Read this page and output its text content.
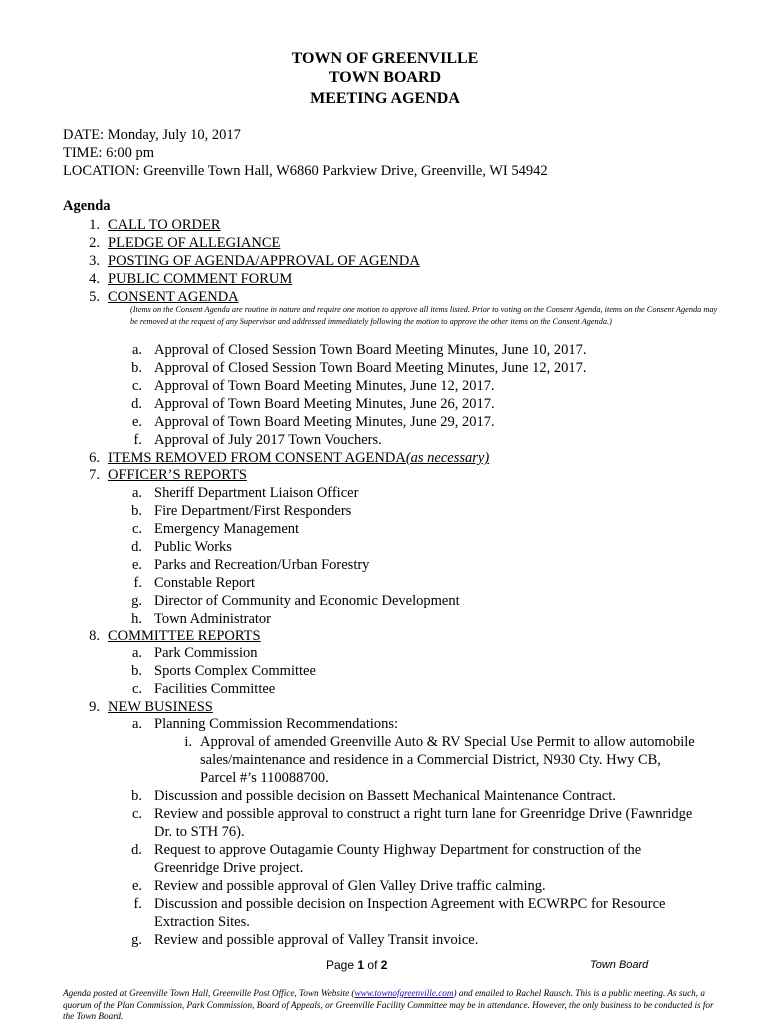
TOWN OF GREENVILLE
TOWN BOARD
MEETING AGENDA
DATE: Monday, July 10, 2017
TIME: 6:00 pm
LOCATION: Greenville Town Hall, W6860 Parkview Drive, Greenville, WI 54942
Agenda
1. CALL TO ORDER
2. PLEDGE OF ALLEGIANCE
3. POSTING OF AGENDA/APPROVAL OF AGENDA
4. PUBLIC COMMENT FORUM
5. CONSENT AGENDA
6. ITEMS REMOVED FROM CONSENT AGENDA(as necessary)
7. OFFICER’S REPORTS
8. COMMITTEE REPORTS
9. NEW BUSINESS
a. Approval of Closed Session Town Board Meeting Minutes, June 10, 2017.
b. Approval of Closed Session Town Board Meeting Minutes, June 12, 2017.
c. Approval of Town Board Meeting Minutes, June 12, 2017.
d. Approval of Town Board Meeting Minutes, June 26, 2017.
e. Approval of Town Board Meeting Minutes, June 29, 2017.
f. Approval of July 2017 Town Vouchers.
a. Sheriff Department Liaison Officer
b. Fire Department/First Responders
c. Emergency Management
d. Public Works
e. Parks and Recreation/Urban Forestry
f. Constable Report
g. Director of Community and Economic Development
h. Town Administrator
a. Park Commission
b. Sports Complex Committee
c. Facilities Committee
a. Planning Commission Recommendations:
i. Approval of amended Greenville Auto & RV Special Use Permit to allow automobile
sales/maintenance and residence in a Commercial District, N930 Cty. Hwy CB,
Parcel #’s 110088700.
b. Discussion and possible decision on Bassett Mechanical Maintenance Contract.
c. Review and possible approval to construct a right turn lane for Greenridge Drive (Fawnridge
Dr. to STH 76).
d. Request to approve Outagamie County Highway Department for construction of the
Greenridge Drive project.
e. Review and possible approval of Glen Valley Drive traffic calming.
f. Discussion and possible decision on Inspection Agreement with ECWRPC for Resource
Extraction Sites.
g. Review and possible approval of Valley Transit invoice.
(Items on the Consent Agenda are routine in nature and require one motion to approve all items listed. Prior to voting on the Consent Agenda, items on the Consent Agenda may be removed at the request of any Supervisor and addressed immediately following the motion to approve the other items on the Consent Agenda.)
Page 1 of 2	Town Board
Agenda posted at Greenville Town Hall, Greenville Post Office, Town Website (www.townofgreenville.com) and emailed to Rachel Rausch. This is a public meeting. As such, a quorum of the Plan Commission, Park Commission, Board of Appeals, or Greenville Facility Committee may be in attendance. However, the only business to be conducted is for the Town Board.
